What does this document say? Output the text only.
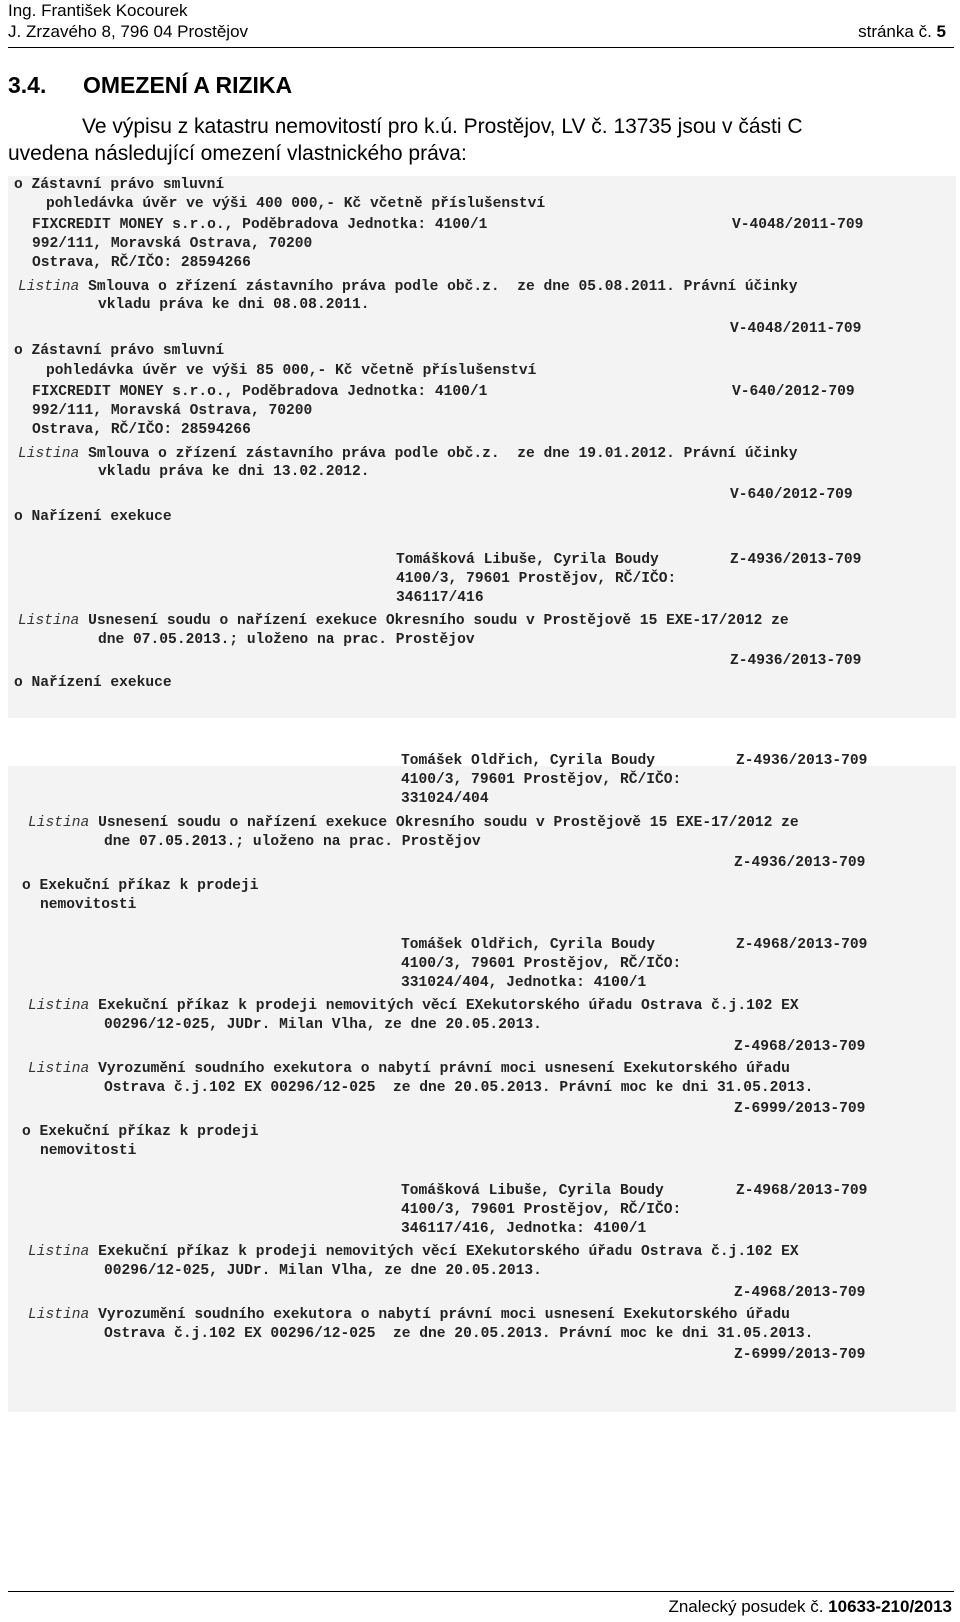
Ing. František Kocourek
J. Zrzavého 8, 796 04 Prostějov	stránka č. 5
3.4. OMEZENÍ A RIZIKA
Ve výpisu z katastru nemovitostí pro k.ú. Prostějov, LV č. 13735 jsou v části C
uvedena následující omezení vlastnického práva:
o Zástavní právo smluvní
pohledávka úvěr ve výši 400 000,- Kč včetně příslušenství
FIXCREDIT MONEY s.r.o., Poděbradova Jednotka: 4100/1	V-4048/2011-709
992/111, Moravská Ostrava, 70200
Ostrava, RČ/IČO: 28594266
Listina Smlouva o zřízení zástavního práva podle obč.z.  ze dne 05.08.2011. Právní účinky
vkladu práva ke dni 08.08.2011.
V-4048/2011-709
o Zástavní právo smluvní
pohledávka úvěr ve výši 85 000,- Kč včetně příslušenství
FIXCREDIT MONEY s.r.o., Poděbradova Jednotka: 4100/1	V-640/2012-709
992/111, Moravská Ostrava, 70200
Ostrava, RČ/IČO: 28594266
Listina Smlouva o zřízení zástavního práva podle obč.z.  ze dne 19.01.2012. Právní účinky
vkladu práva ke dni 13.02.2012.
V-640/2012-709
o Nařízení exekuce
Tomášková Libuše, Cyrila Boudy	Z-4936/2013-709
4100/3, 79601 Prostějov, RČ/IČO:
346117/416
Listina Usnesení soudu o nařízení exekuce Okresního soudu v Prostějově 15 EXE-17/2012 ze
dne 07.05.2013.; uloženo na prac. Prostějov
Z-4936/2013-709
o Nařízení exekuce
Tomášek Oldřich, Cyrila Boudy	Z-4936/2013-709
4100/3, 79601 Prostějov, RČ/IČO:
331024/404
Listina Usnesení soudu o nařízení exekuce Okresního soudu v Prostějově 15 EXE-17/2012 ze
dne 07.05.2013.; uloženo na prac. Prostějov
Z-4936/2013-709
o Exekuční příkaz k prodeji
nemovitosti
Tomášek Oldřich, Cyrila Boudy	Z-4968/2013-709
4100/3, 79601 Prostějov, RČ/IČO:
331024/404, Jednotka: 4100/1
Listina Exekuční příkaz k prodeji nemovitých věcí EXekutorského úřadu Ostrava č.j.102 EX
00296/12-025, JUDr. Milan Vlha, ze dne 20.05.2013.
Z-4968/2013-709
Listina Vyrozumění soudního exekutora o nabytí právní moci usnesení Exekutorského úřadu
Ostrava č.j.102 EX 00296/12-025  ze dne 20.05.2013. Právní moc ke dni 31.05.2013.
Z-6999/2013-709
o Exekuční příkaz k prodeji
nemovitosti
Tomášková Libuše, Cyrila Boudy	Z-4968/2013-709
4100/3, 79601 Prostějov, RČ/IČO:
346117/416, Jednotka: 4100/1
Listina Exekuční příkaz k prodeji nemovitých věcí EXekutorského úřadu Ostrava č.j.102 EX
00296/12-025, JUDr. Milan Vlha, ze dne 20.05.2013.
Z-4968/2013-709
Listina Vyrozumění soudního exekutora o nabytí právní moci usnesení Exekutorského úřadu
Ostrava č.j.102 EX 00296/12-025  ze dne 20.05.2013. Právní moc ke dni 31.05.2013.
Z-6999/2013-709
Znalecký posudek č. 10633-210/2013
